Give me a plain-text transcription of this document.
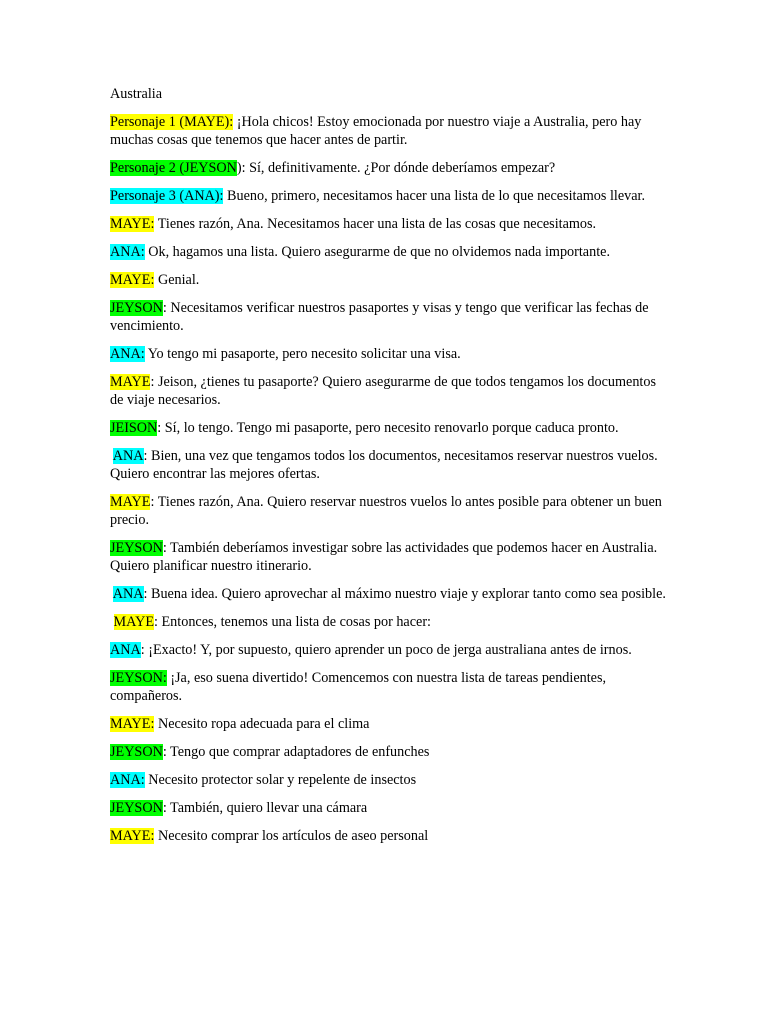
Australia

Personaje 1 (MAYE): ¡Hola chicos! Estoy emocionada por nuestro viaje a Australia, pero hay muchas cosas que tenemos que hacer antes de partir.

Personaje 2 (JEYSON): Sí, definitivamente. ¿Por dónde deberíamos empezar?

Personaje 3 (ANA): Bueno, primero, necesitamos hacer una lista de lo que necesitamos llevar.

MAYE: Tienes razón, Ana. Necesitamos hacer una lista de las cosas que necesitamos.

ANA: Ok, hagamos una lista. Quiero asegurarme de que no olvidemos nada importante.

MAYE: Genial.

JEYSON: Necesitamos verificar nuestros pasaportes y visas y tengo que verificar las fechas de vencimiento.

ANA: Yo tengo mi pasaporte, pero necesito solicitar una visa.

MAYE: Jeison, ¿tienes tu pasaporte? Quiero asegurarme de que todos tengamos los documentos de viaje necesarios.

JEISON: Sí, lo tengo. Tengo mi pasaporte, pero necesito renovarlo porque caduca pronto.

ANA: Bien, una vez que tengamos todos los documentos, necesitamos reservar nuestros vuelos. Quiero encontrar las mejores ofertas.

MAYE: Tienes razón, Ana. Quiero reservar nuestros vuelos lo antes posible para obtener un buen precio.

JEYSON: También deberíamos investigar sobre las actividades que podemos hacer en Australia. Quiero planificar nuestro itinerario.

ANA: Buena idea. Quiero aprovechar al máximo nuestro viaje y explorar tanto como sea posible.

MAYE: Entonces, tenemos una lista de cosas por hacer:

ANA: ¡Exacto! Y, por supuesto, quiero aprender un poco de jerga australiana antes de irnos.

JEYSON: ¡Ja, eso suena divertido! Comencemos con nuestra lista de tareas pendientes, compañeros.

MAYE: Necesito ropa adecuada para el clima

JEYSON: Tengo que comprar adaptadores de enfunches

ANA: Necesito protector solar y repelente de insectos

JEYSON: También, quiero llevar una cámara

MAYE: Necesito comprar los artículos de aseo personal
